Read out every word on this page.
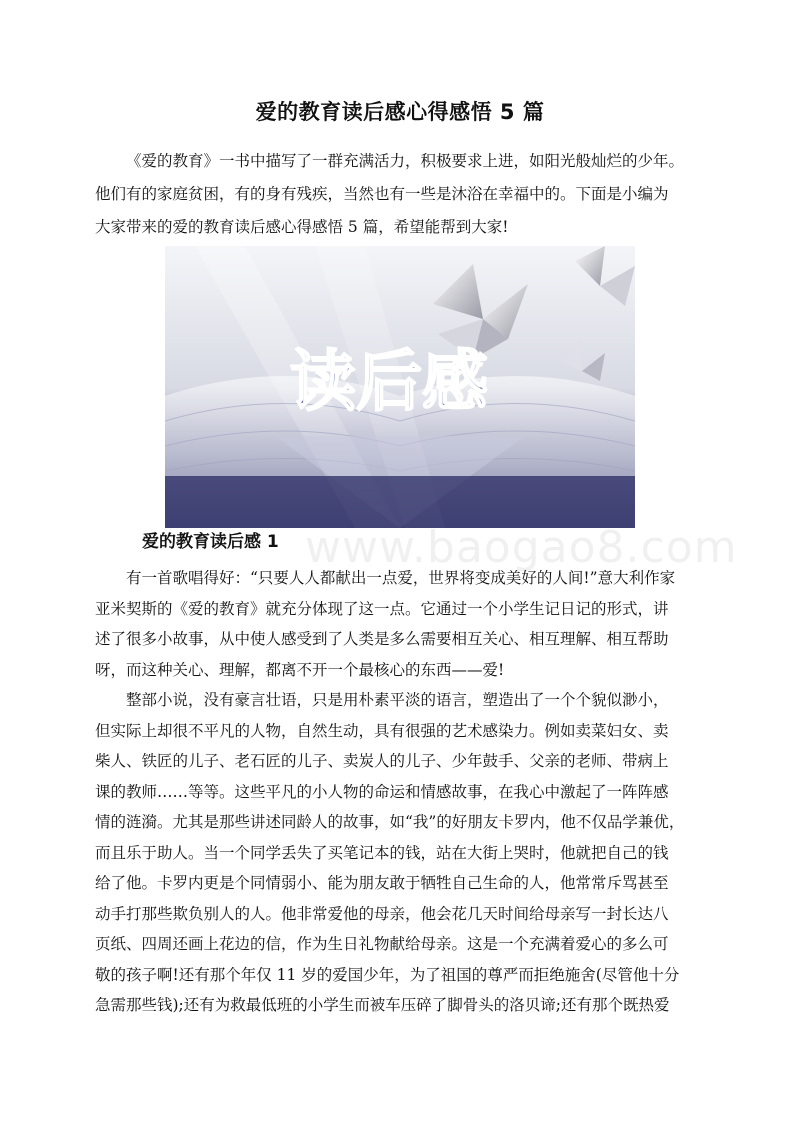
爱的教育读后感心得感悟 5 篇
《爱的教育》一书中描写了一群充满活力，积极要求上进，如阳光般灿烂的少年。
他们有的家庭贫困，有的身有残疾，当然也有一些是沐浴在幸福中的。下面是小编为
大家带来的爱的教育读后感心得感悟 5 篇，希望能帮到大家!
读后感
www.baogao8.com
爱的教育读后感 1
有一首歌唱得好：“只要人人都献出一点爱，世界将变成美好的人间!”意大利作家
亚米契斯的《爱的教育》就充分体现了这一点。它通过一个小学生记日记的形式，讲
述了很多小故事，从中使人感受到了人类是多么需要相互关心、相互理解、相互帮助
呀，而这种关心、理解，都离不开一个最核心的东西——爱!
整部小说，没有豪言壮语，只是用朴素平淡的语言，塑造出了一个个貌似渺小，
但实际上却很不平凡的人物，自然生动，具有很强的艺术感染力。例如卖菜妇女、卖
柴人、铁匠的儿子、老石匠的儿子、卖炭人的儿子、少年鼓手、父亲的老师、带病上
课的教师……等等。这些平凡的小人物的命运和情感故事，在我心中激起了一阵阵感
情的涟漪。尤其是那些讲述同龄人的故事，如“我”的好朋友卡罗内，他不仅品学兼优，
而且乐于助人。当一个同学丢失了买笔记本的钱，站在大街上哭时，他就把自己的钱
给了他。卡罗内更是个同情弱小、能为朋友敢于牺牲自己生命的人，他常常斥骂甚至
动手打那些欺负别人的人。他非常爱他的母亲，他会花几天时间给母亲写一封长达八
页纸、四周还画上花边的信，作为生日礼物献给母亲。这是一个充满着爱心的多么可
敬的孩子啊!还有那个年仅 11 岁的爱国少年，为了祖国的尊严而拒绝施舍(尽管他十分
急需那些钱);还有为救最低班的小学生而被车压碎了脚骨头的洛贝谛;还有那个既热爱
